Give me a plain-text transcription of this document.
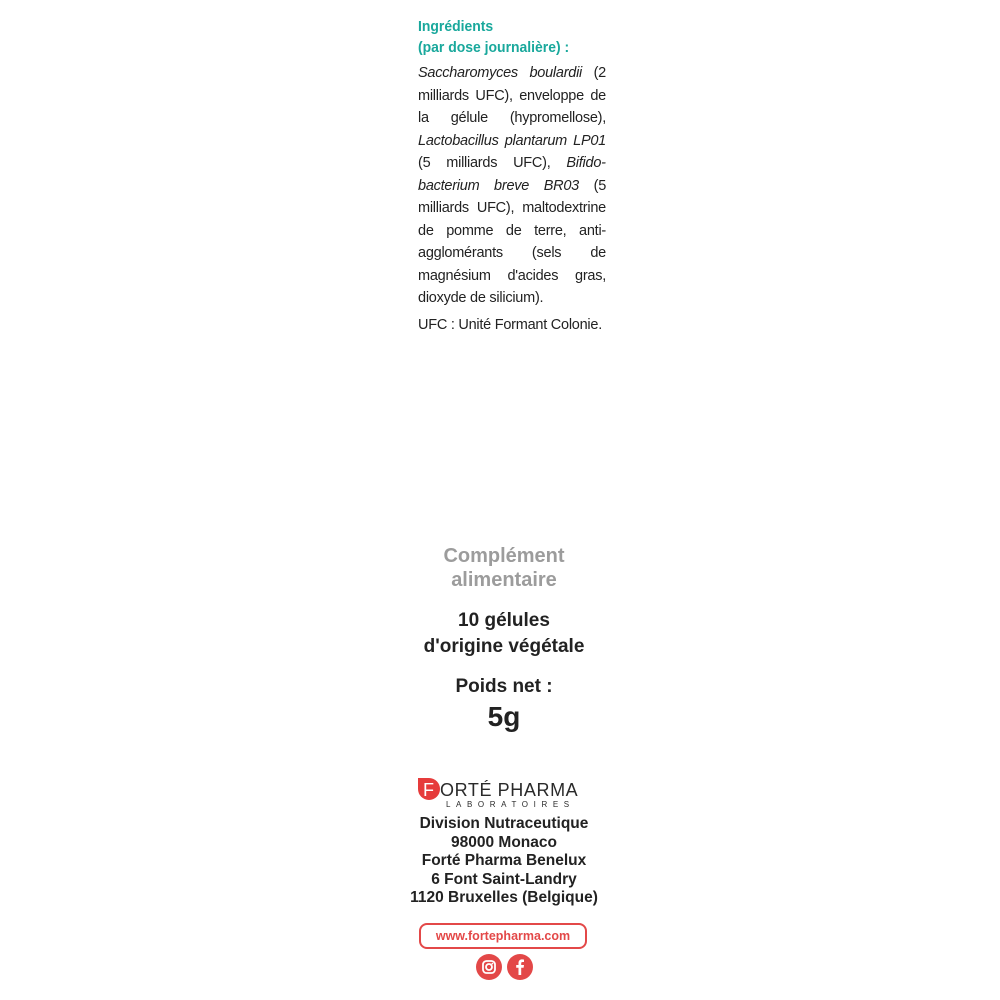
Ingrédients
(par dose journalière) :
Saccharomyces boulardii (2 milliards UFC), enveloppe de la gélule (hypromellose), Lactobacillus plantarum LP01 (5 milliards UFC), Bifidobacterium breve BR03 (5 milliards UFC), maltodextrine de pomme de terre, anti-agglomérants (sels de magnésium d'acides gras, dioxyde de silicium).
UFC : Unité Formant Colonie.
Complément
alimentaire
10 gélules
d'origine végétale
Poids net :
5g
F ORTÉ PHARMA
LABORATOIRES
Division Nutraceutique
98000 Monaco
Forté Pharma Benelux
6 Font Saint-Landry
1120 Bruxelles (Belgique)
www.fortepharma.com
